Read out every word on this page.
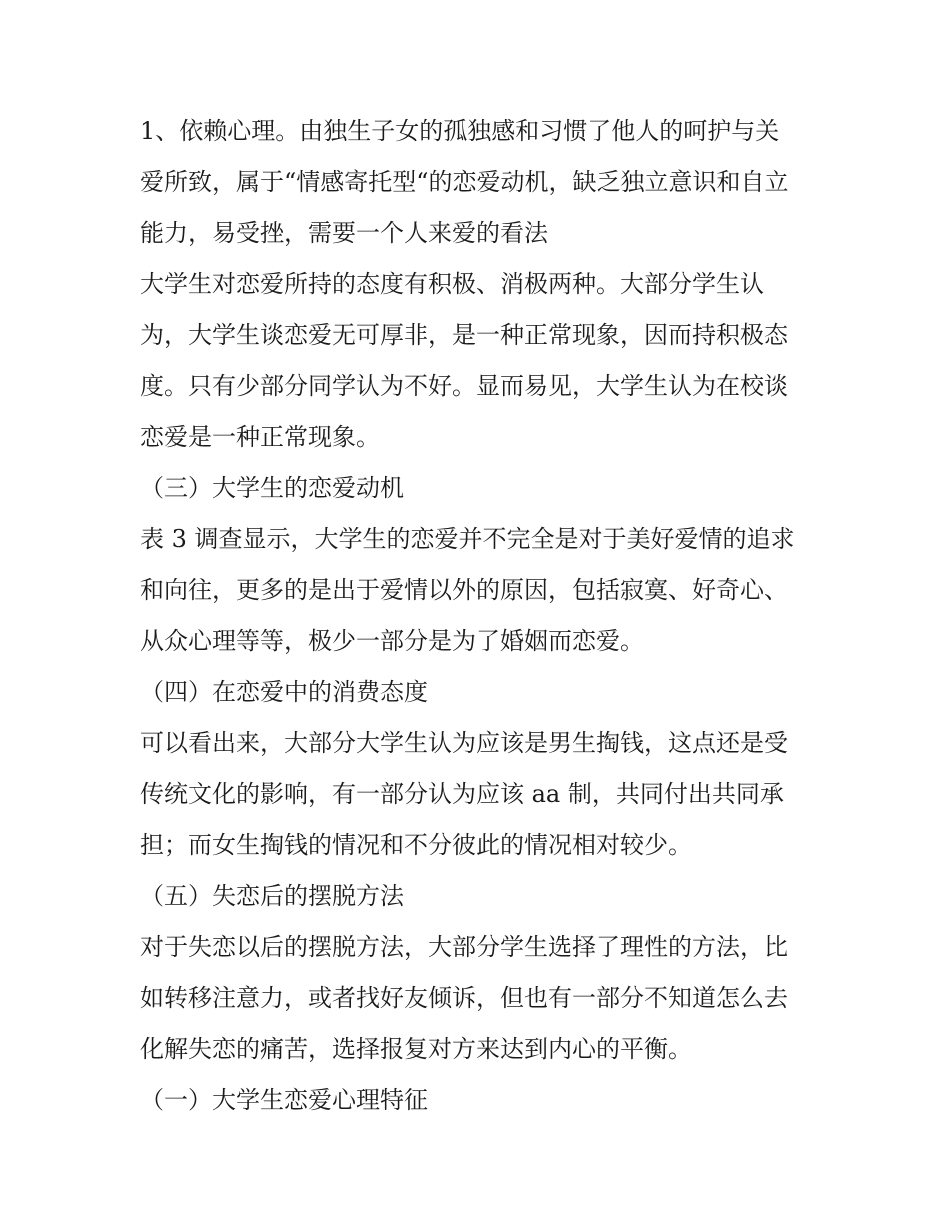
1、依赖心理。由独生子女的孤独感和习惯了他人的呵护与关
爱所致，属于“情感寄托型“的恋爱动机，缺乏独立意识和自立
能力，易受挫，需要一个人来爱的看法
大学生对恋爱所持的态度有积极、消极两种。大部分学生认
为，大学生谈恋爱无可厚非，是一种正常现象，因而持积极态
度。只有少部分同学认为不好。显而易见，大学生认为在校谈
恋爱是一种正常现象。
（三）大学生的恋爱动机
表 3 调查显示，大学生的恋爱并不完全是对于美好爱情的追求
和向往，更多的是出于爱情以外的原因，包括寂寞、好奇心、
从众心理等等，极少一部分是为了婚姻而恋爱。
（四）在恋爱中的消费态度
可以看出来，大部分大学生认为应该是男生掏钱，这点还是受
传统文化的影响，有一部分认为应该 aa 制，共同付出共同承
担；而女生掏钱的情况和不分彼此的情况相对较少。
（五）失恋后的摆脱方法
对于失恋以后的摆脱方法，大部分学生选择了理性的方法，比
如转移注意力，或者找好友倾诉，但也有一部分不知道怎么去
化解失恋的痛苦，选择报复对方来达到内心的平衡。
（一）大学生恋爱心理特征
